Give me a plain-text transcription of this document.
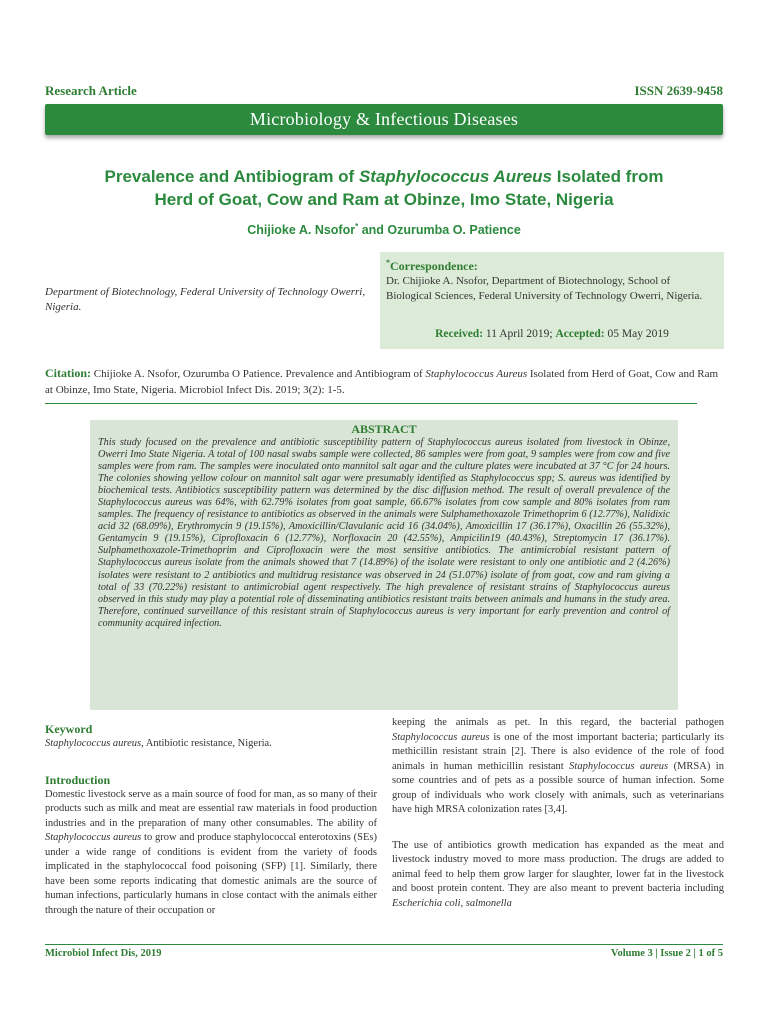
Research Article	ISSN 2639-9458
Microbiology & Infectious Diseases
Prevalence and Antibiogram of Staphylococcus Aureus Isolated from
Herd of Goat, Cow and Ram at Obinze, Imo State, Nigeria
Chijioke A. Nsofor* and Ozurumba O. Patience
Department of Biotechnology, Federal University of Technology Owerri, Nigeria.
*Correspondence:
Dr. Chijioke A. Nsofor, Department of Biotechnology, School of Biological Sciences, Federal University of Technology Owerri, Nigeria.
Received: 11 April 2019; Accepted: 05 May 2019
Citation: Chijioke A. Nsofor, Ozurumba O Patience. Prevalence and Antibiogram of Staphylococcus Aureus Isolated from Herd of Goat, Cow and Ram at Obinze, Imo State, Nigeria. Microbiol Infect Dis. 2019; 3(2): 1-5.
ABSTRACT
This study focused on the prevalence and antibiotic susceptibility pattern of Staphylococcus aureus isolated from livestock in Obinze, Owerri Imo State Nigeria. A total of 100 nasal swabs sample were collected, 86 samples were from goat, 9 samples were from cow and five samples were from ram. The samples were inoculated onto mannitol salt agar and the culture plates were incubated at 37 °C for 24 hours. The colonies showing yellow colour on mannitol salt agar were presumably identified as Staphylococcus spp; S. aureus was identified by biochemical tests. Antibiotics susceptibility pattern was determined by the disc diffusion method. The result of overall prevalence of the Staphylococcus aureus was 64%, with 62.79% isolates from goat sample, 66.67% isolates from cow sample and 80% isolates from ram samples. The frequency of resistance to antibiotics as observed in the animals were Sulphamethoxazole Trimethoprim 6 (12.77%), Nalidixic acid 32 (68.09%), Erythromycin 9 (19.15%), Amoxicillin/Clavulanic acid 16 (34.04%), Amoxicillin 17 (36.17%), Oxacillin 26 (55.32%), Gentamycin 9 (19.15%), Ciprofloxacin 6 (12.77%), Norfloxacin 20 (42.55%), Ampicilin19 (40.43%), Streptomycin 17 (36.17%). Sulphamethoxazole-Trimethoprim and Ciprofloxacin were the most sensitive antibiotics. The antimicrobial resistant pattern of Staphylococcus aureus isolate from the animals showed that 7 (14.89%) of the isolate were resistant to only one antibiotic and 2 (4.26%) isolates were resistant to 2 antibiotics and multidrug resistance was observed in 24 (51.07%) isolate of from goat, cow and ram giving a total of 33 (70.22%) resistant to antimicrobial agent respectively. The high prevalence of resistant strains of Staphylococcus aureus observed in this study may play a potential role of disseminating antibiotics resistant traits between animals and humans in the study area. Therefore, continued surveillance of this resistant strain of Staphylococcus aureus is very important for early prevention and control of community acquired infection.
Keyword
Staphylococcus aureus, Antibiotic resistance, Nigeria.
Introduction
Domestic livestock serve as a main source of food for man, as so many of their products such as milk and meat are essential raw materials in food production industries and in the preparation of many other consumables. The ability of Staphylococcus aureus to grow and produce staphylococcal enterotoxins (SEs) under a wide range of conditions is evident from the variety of foods implicated in the staphylococcal food poisoning (SFP) [1]. Similarly, there have been some reports indicating that domestic animals are the source of human infections, particularly humans in close contact with the animals either through the nature of their occupation or
keeping the animals as pet. In this regard, the bacterial pathogen Staphylococcus aureus is one of the most important bacteria; particularly its methicillin resistant strain [2]. There is also evidence of the role of food animals in human methicillin resistant Staphylococcus aureus (MRSA) in some countries and of pets as a possible source of human infection. Some group of individuals who work closely with animals, such as veterinarians have high MRSA colonization rates [3,4].
The use of antibiotics growth medication has expanded as the meat and livestock industry moved to more mass production. The drugs are added to animal feed to help them grow larger for slaughter, lower fat in the livestock and boost protein content. They are also meant to prevent bacteria including Escherichia coli, salmonella
Microbiol Infect Dis, 2019	Volume 3 | Issue 2 | 1 of 5
